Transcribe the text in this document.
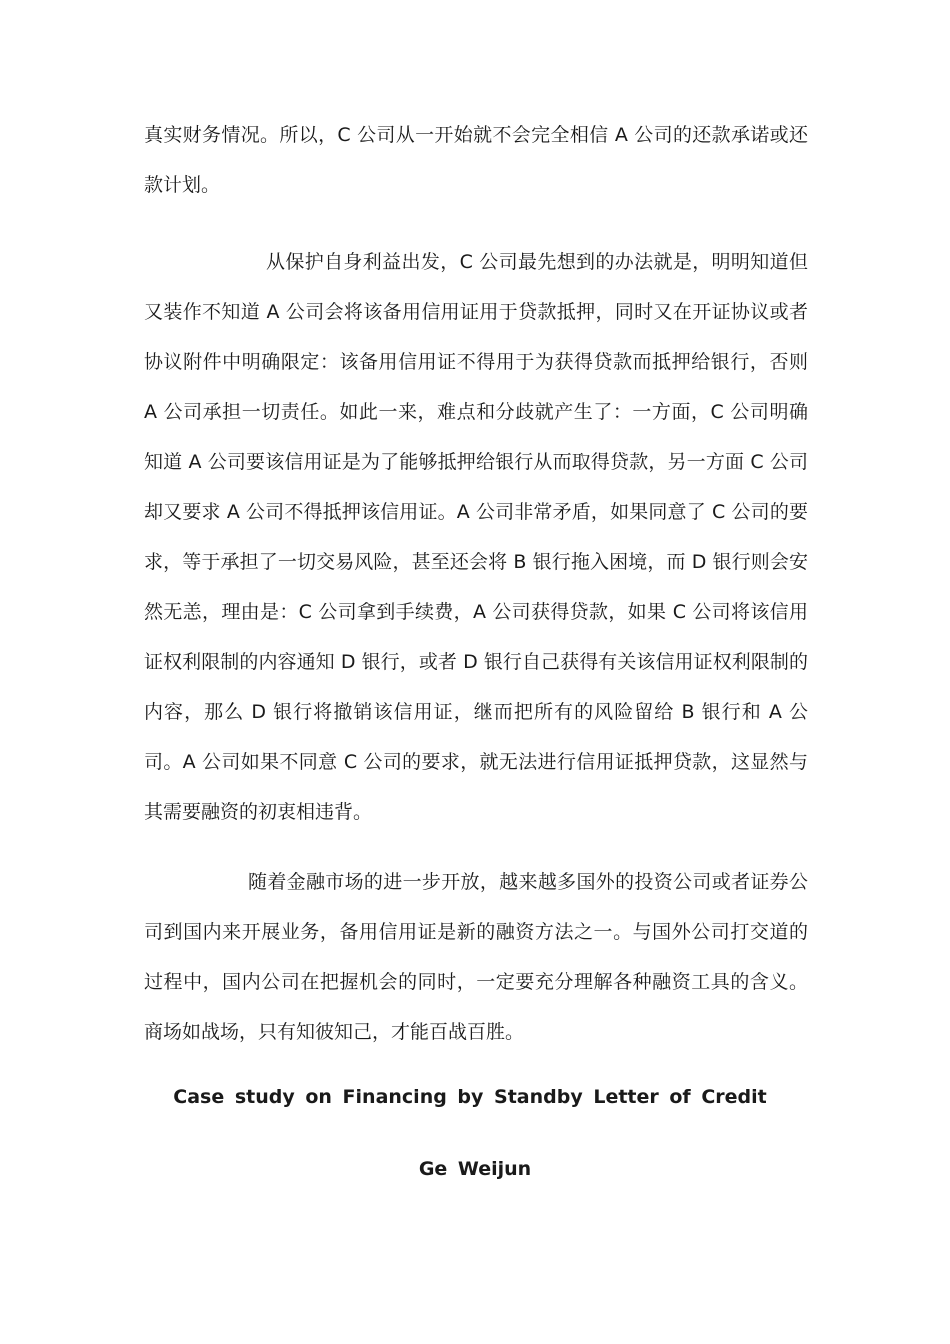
真实财务情况。所以，C 公司从一开始就不会完全相信 A 公司的还款承诺或还款计划。

从保护自身利益出发，C 公司最先想到的办法就是，明明知道但又装作不知道 A 公司会将该备用信用证用于贷款抵押，同时又在开证协议或者协议附件中明确限定：该备用信用证不得用于为获得贷款而抵押给银行，否则 A 公司承担一切责任。如此一来，难点和分歧就产生了：一方面，C 公司明确知道 A 公司要该信用证是为了能够抵押给银行从而取得贷款，另一方面 C 公司却又要求 A 公司不得抵押该信用证。A 公司非常矛盾，如果同意了 C 公司的要求，等于承担了一切交易风险，甚至还会将 B 银行拖入困境，而 D 银行则会安然无恙，理由是：C 公司拿到手续费，A 公司获得贷款，如果 C 公司将该信用证权利限制的内容通知 D 银行，或者 D 银行自己获得有关该信用证权利限制的内容，那么 D 银行将撤销该信用证，继而把所有的风险留给 B 银行和 A 公司。A 公司如果不同意 C 公司的要求，就无法进行信用证抵押贷款，这显然与其需要融资的初衷相违背。

随着金融市场的进一步开放，越来越多国外的投资公司或者证券公司到国内来开展业务，备用信用证是新的融资方法之一。与国外公司打交道的过程中，国内公司在把握机会的同时，一定要充分理解各种融资工具的含义。商场如战场，只有知彼知己，才能百战百胜。

Case study on Financing by Standby Letter of Credit
Ge Weijun
